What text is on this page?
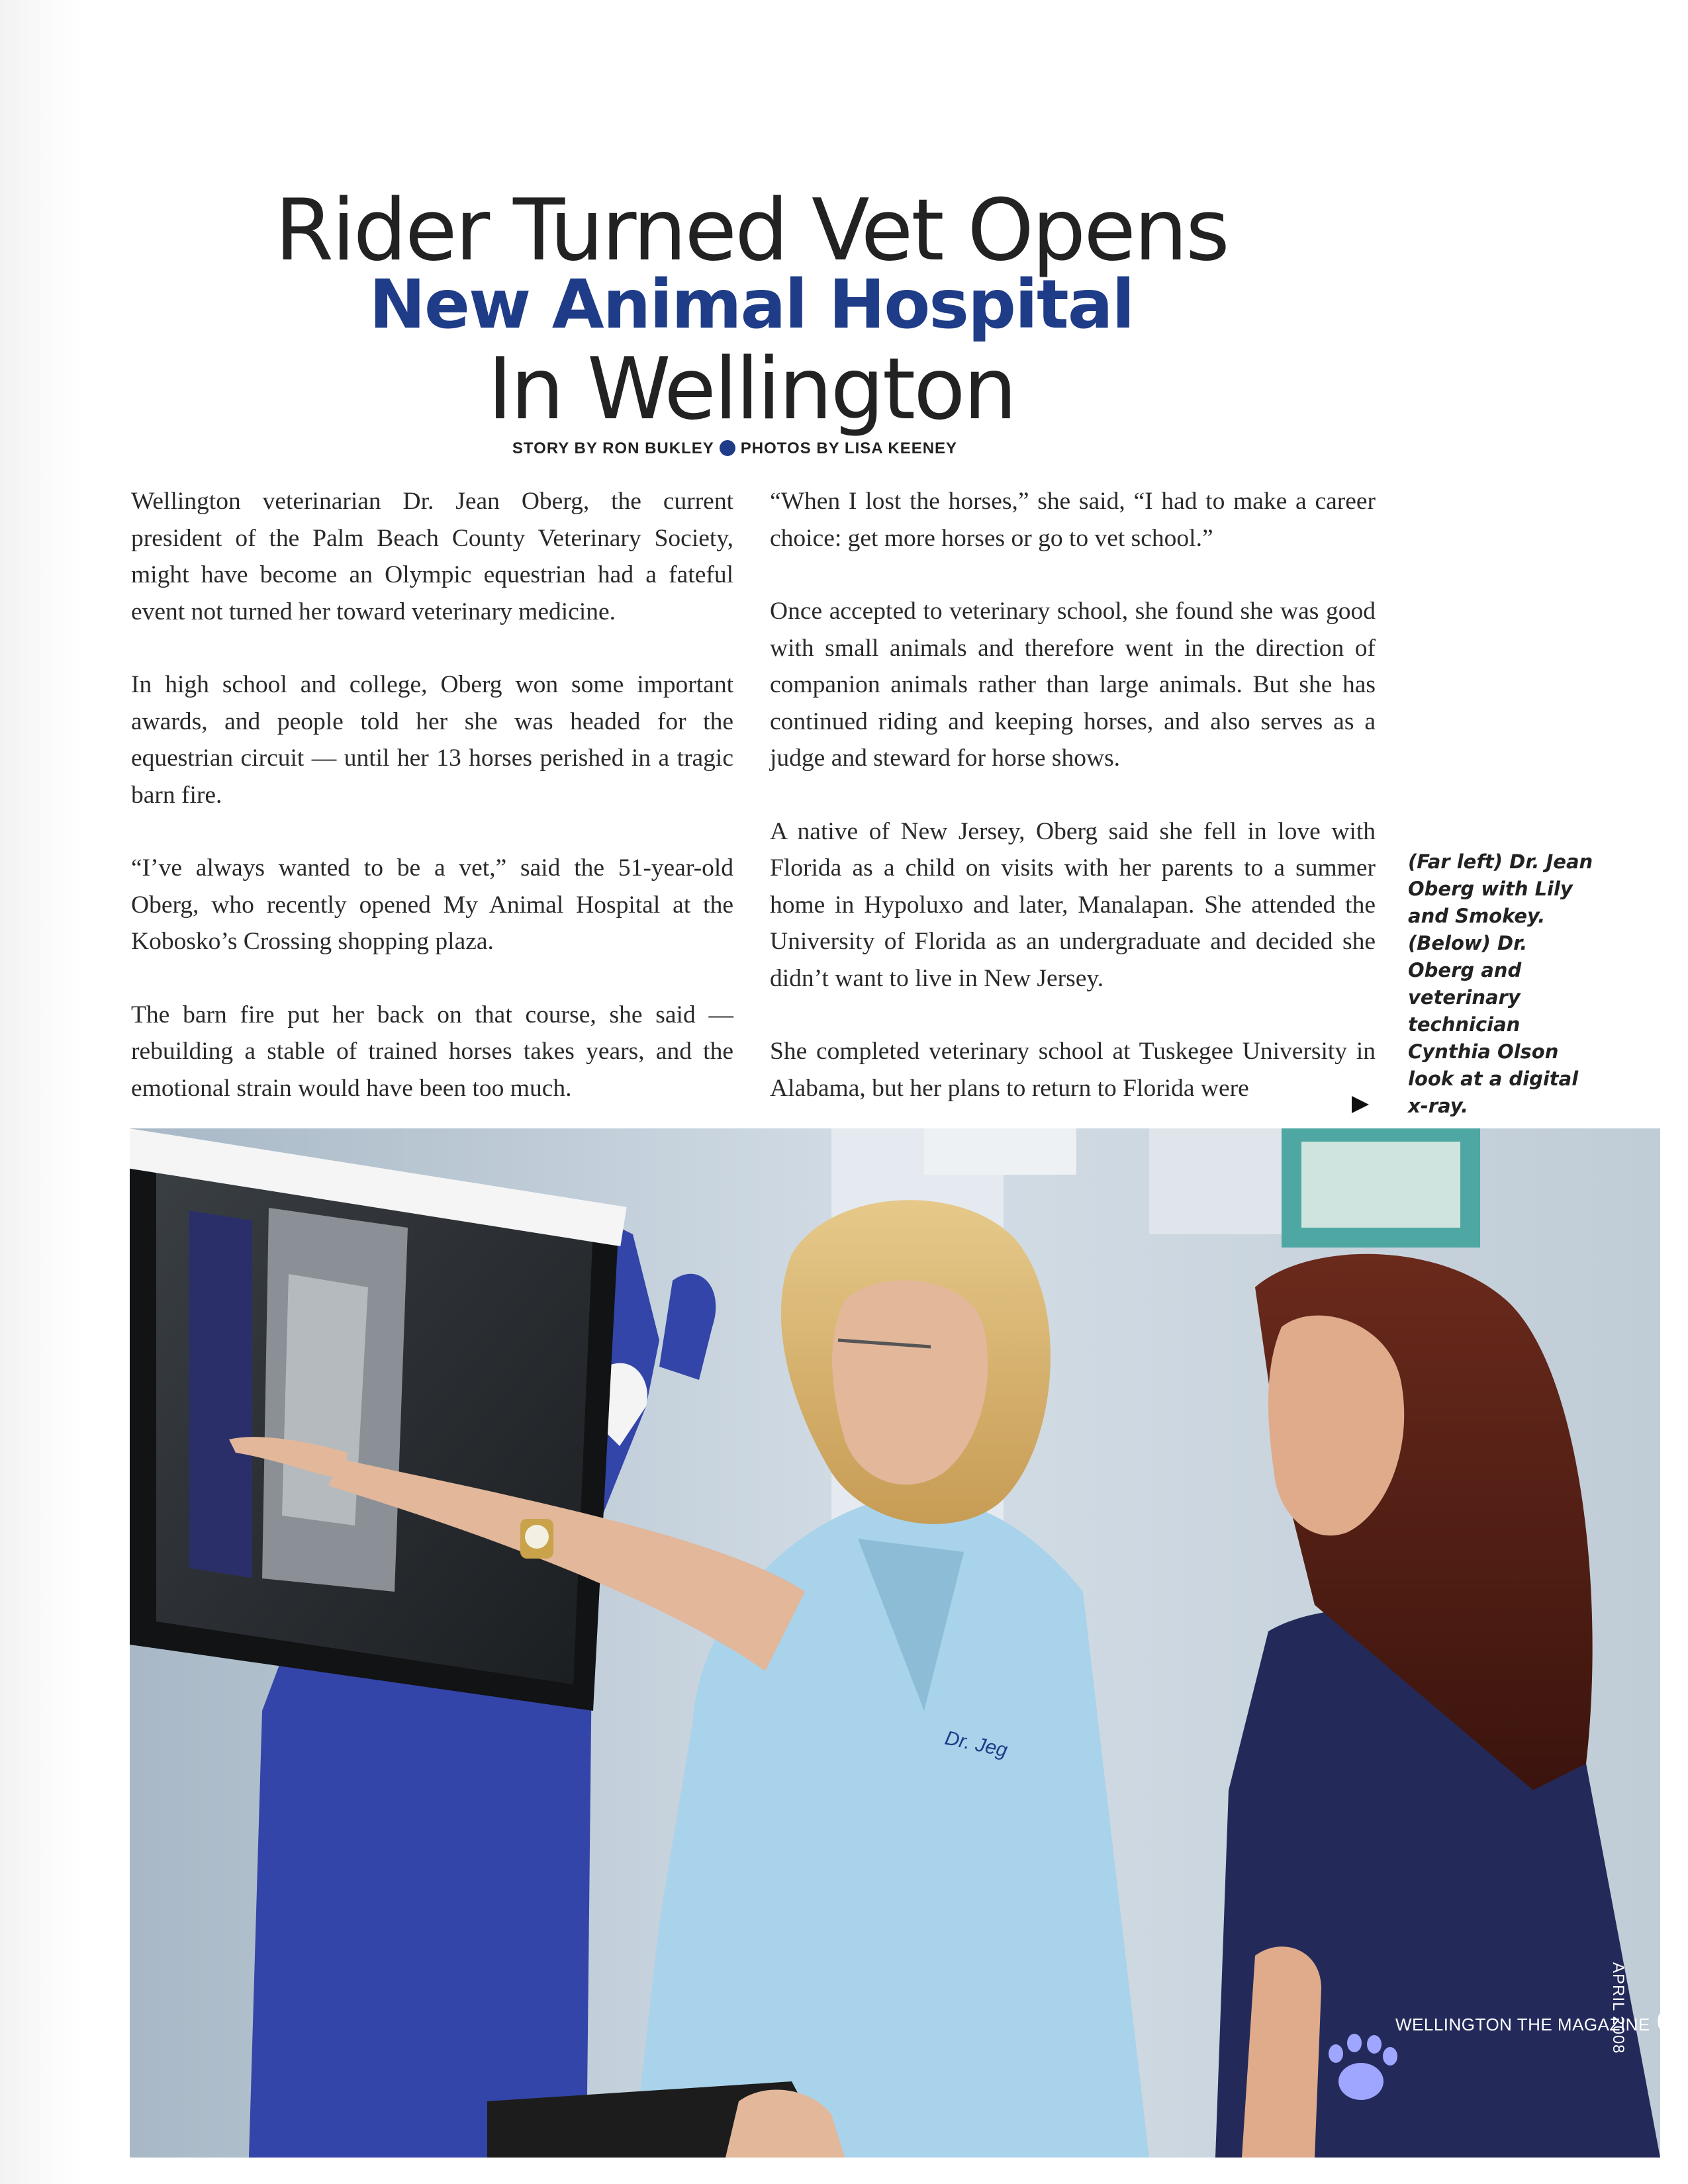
Rider Turned Vet Opens
New Animal Hospital
In Wellington
STORY BY RON BUKLEY PHOTOS BY LISA KEENEY

Wellington veterinarian Dr. Jean Oberg, the current president of the Palm Beach County Veterinary Society, might have become an Olympic equestrian had a fateful event not turned her toward veterinary medicine.

In high school and college, Oberg won some important awards, and people told her she was headed for the equestrian circuit — until her 13 horses perished in a tragic barn fire.

“I’ve always wanted to be a vet,” said the 51-year-old Oberg, who recently opened My Animal Hospital at the Kobosko’s Crossing shopping plaza.

The barn fire put her back on that course, she said — rebuilding a stable of trained horses takes years, and the emotional strain would have been too much.

“When I lost the horses,” she said, “I had to make a career choice: get more horses or go to vet school.”

Once accepted to veterinary school, she found she was good with small animals and therefore went in the direction of companion animals rather than large animals. But she has continued riding and keeping horses, and also serves as a judge and steward for horse shows.

A native of New Jersey, Oberg said she fell in love with Florida as a child on visits with her parents to a summer home in Hypoluxo and later, Manalapan. She attended the University of Florida as an undergraduate and decided she didn’t want to live in New Jersey.

She completed veterinary school at Tuskegee University in Alabama, but her plans to return to Florida were

(Far left) Dr. Jean Oberg with Lily and Smokey. (Below) Dr. Oberg and veterinary technician Cynthia Olson look at a digital x-ray.
Dr. Jeg
APRIL 2008
WELLINGTON THE MAGAZINE 61
